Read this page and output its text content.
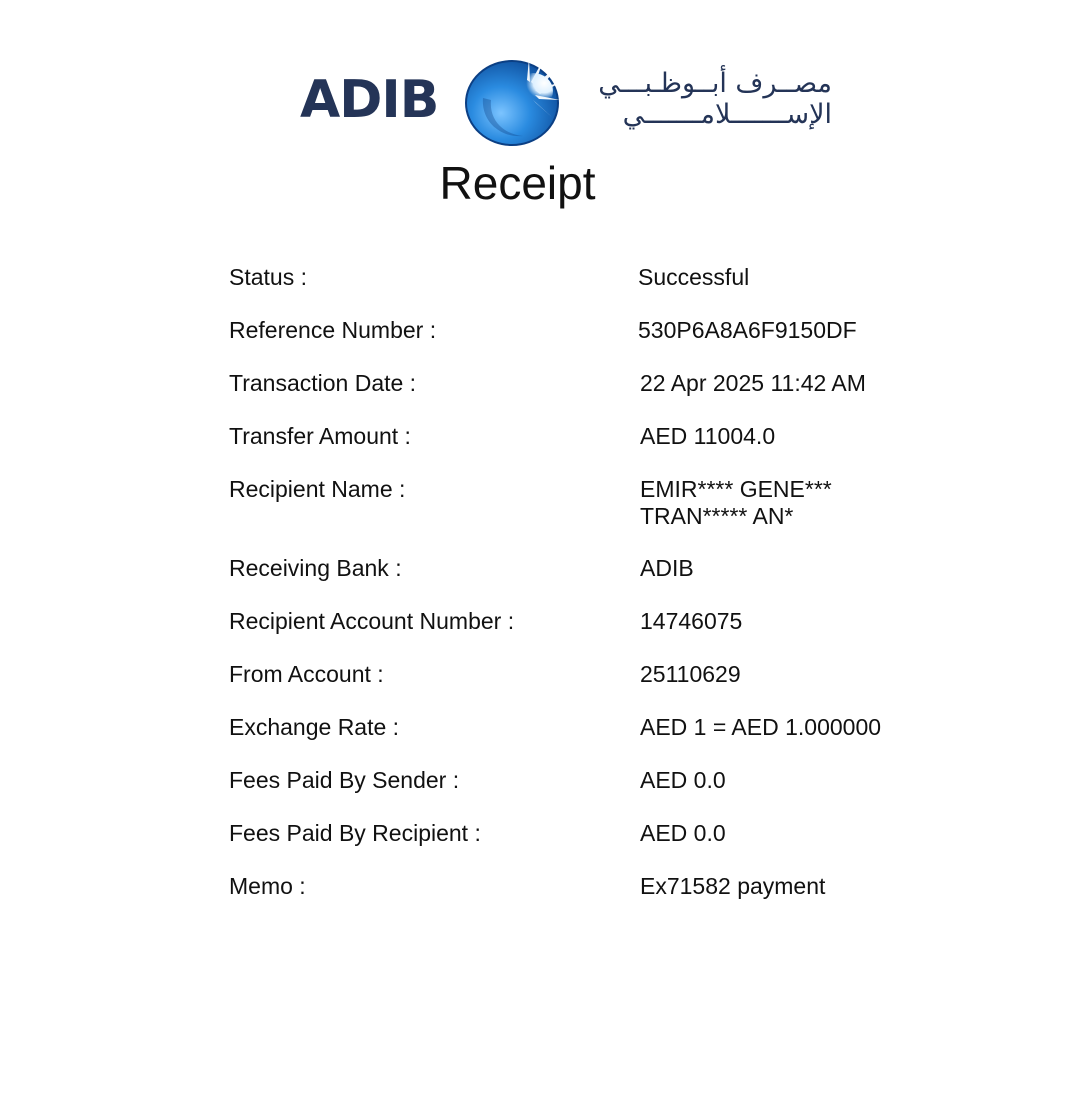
ADIB	مصــرف أبــوظـبـــي
الإســـــــلامـــــــي
Receipt
Status :	Successful
Reference Number :	530P6A8A6F9150DF
Transaction Date :	22 Apr 2025 11:42 AM
Transfer Amount :	AED 11004.0
Recipient Name :	EMIR**** GENE*** TRAN***** AN*
Receiving Bank :	ADIB
Recipient Account Number :	14746075
From Account :	25110629
Exchange Rate :	AED 1 = AED 1.000000
Fees Paid By Sender :	AED 0.0
Fees Paid By Recipient :	AED 0.0
Memo :	Ex71582 payment
